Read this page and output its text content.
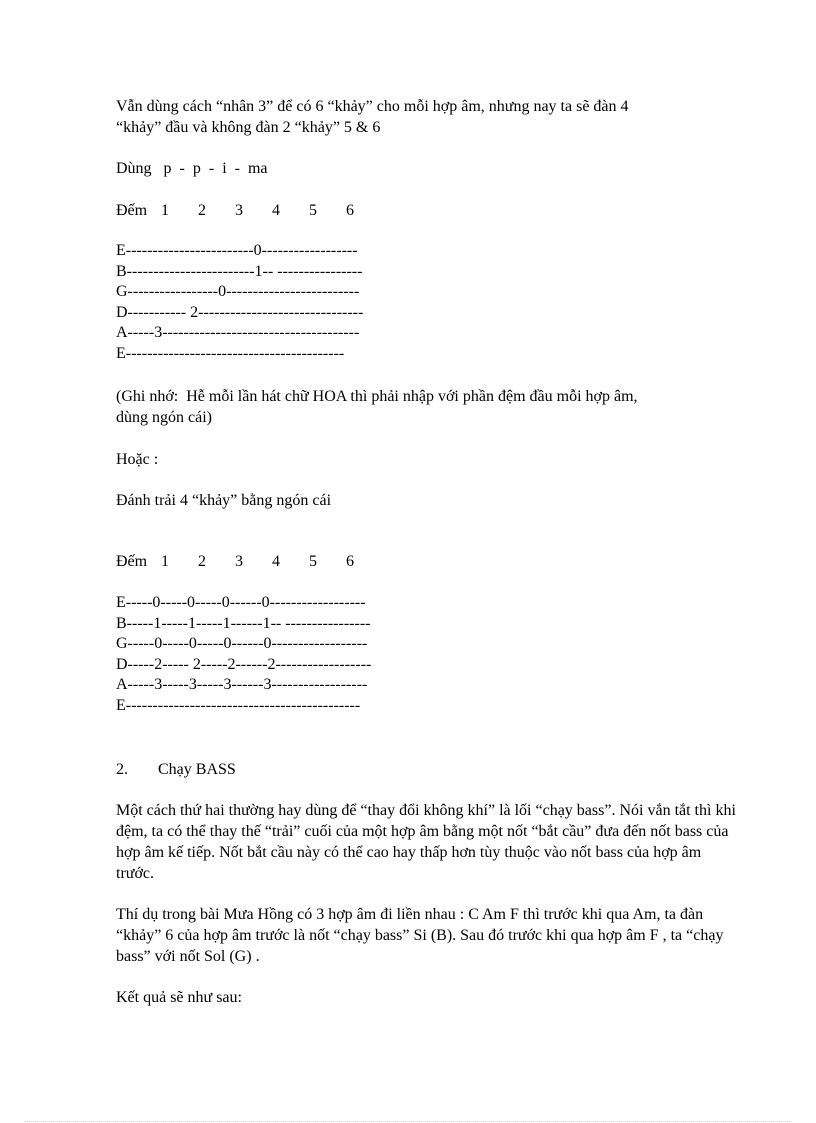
Vẫn dùng cách “nhân 3” để có 6 “khảy” cho mỗi hợp âm, nhưng nay ta sẽ đàn 4

“khảy” đầu và không đàn 2 “khảy” 5 & 6

Dùng   p  -  p  -  i  -  ma

Đếm

1

2

3

4

5

6

E------------------------0------------------

B------------------------1-- ----------------

G-----------------0-------------------------

D----------- 2-------------------------------

A-----3-------------------------------------

E-----------------------------------------

(Ghi nhớ:  Hễ mỗi lần hát chữ HOA thì phải nhập với phần đệm đầu mỗi hợp âm,

dùng ngón cái)

Hoặc :

Đánh trải 4 “khảy” bằng ngón cái

Đếm

1

2

3

4

5

6

E-----0-----0-----0------0------------------

B-----1-----1-----1------1-- ----------------

G-----0-----0-----0------0------------------

D-----2----- 2-----2------2------------------

A-----3-----3-----3------3------------------

E--------------------------------------------

2. Chạy BASS

Một cách thứ hai thường hay dùng để “thay đổi không khí” là lối “chạy bass”. Nói vắn tắt thì khi đệm, ta có thể thay thế “trải” cuối của một hợp âm bằng một nốt “bắt cầu” đưa đến nốt bass của hợp âm kế tiếp. Nốt bắt cầu này có thể cao hay thấp hơn tùy thuộc vào nốt bass của hợp âm trước.

Thí dụ trong bài Mưa Hồng có 3 hợp âm đi liền nhau : C Am F thì trước khi qua Am, ta đàn “khảy” 6 của hợp âm trước là nốt “chạy bass” Si (B). Sau đó trước khi qua hợp âm F , ta “chạy bass” với nốt Sol (G) .

Kết quả sẽ như sau:
